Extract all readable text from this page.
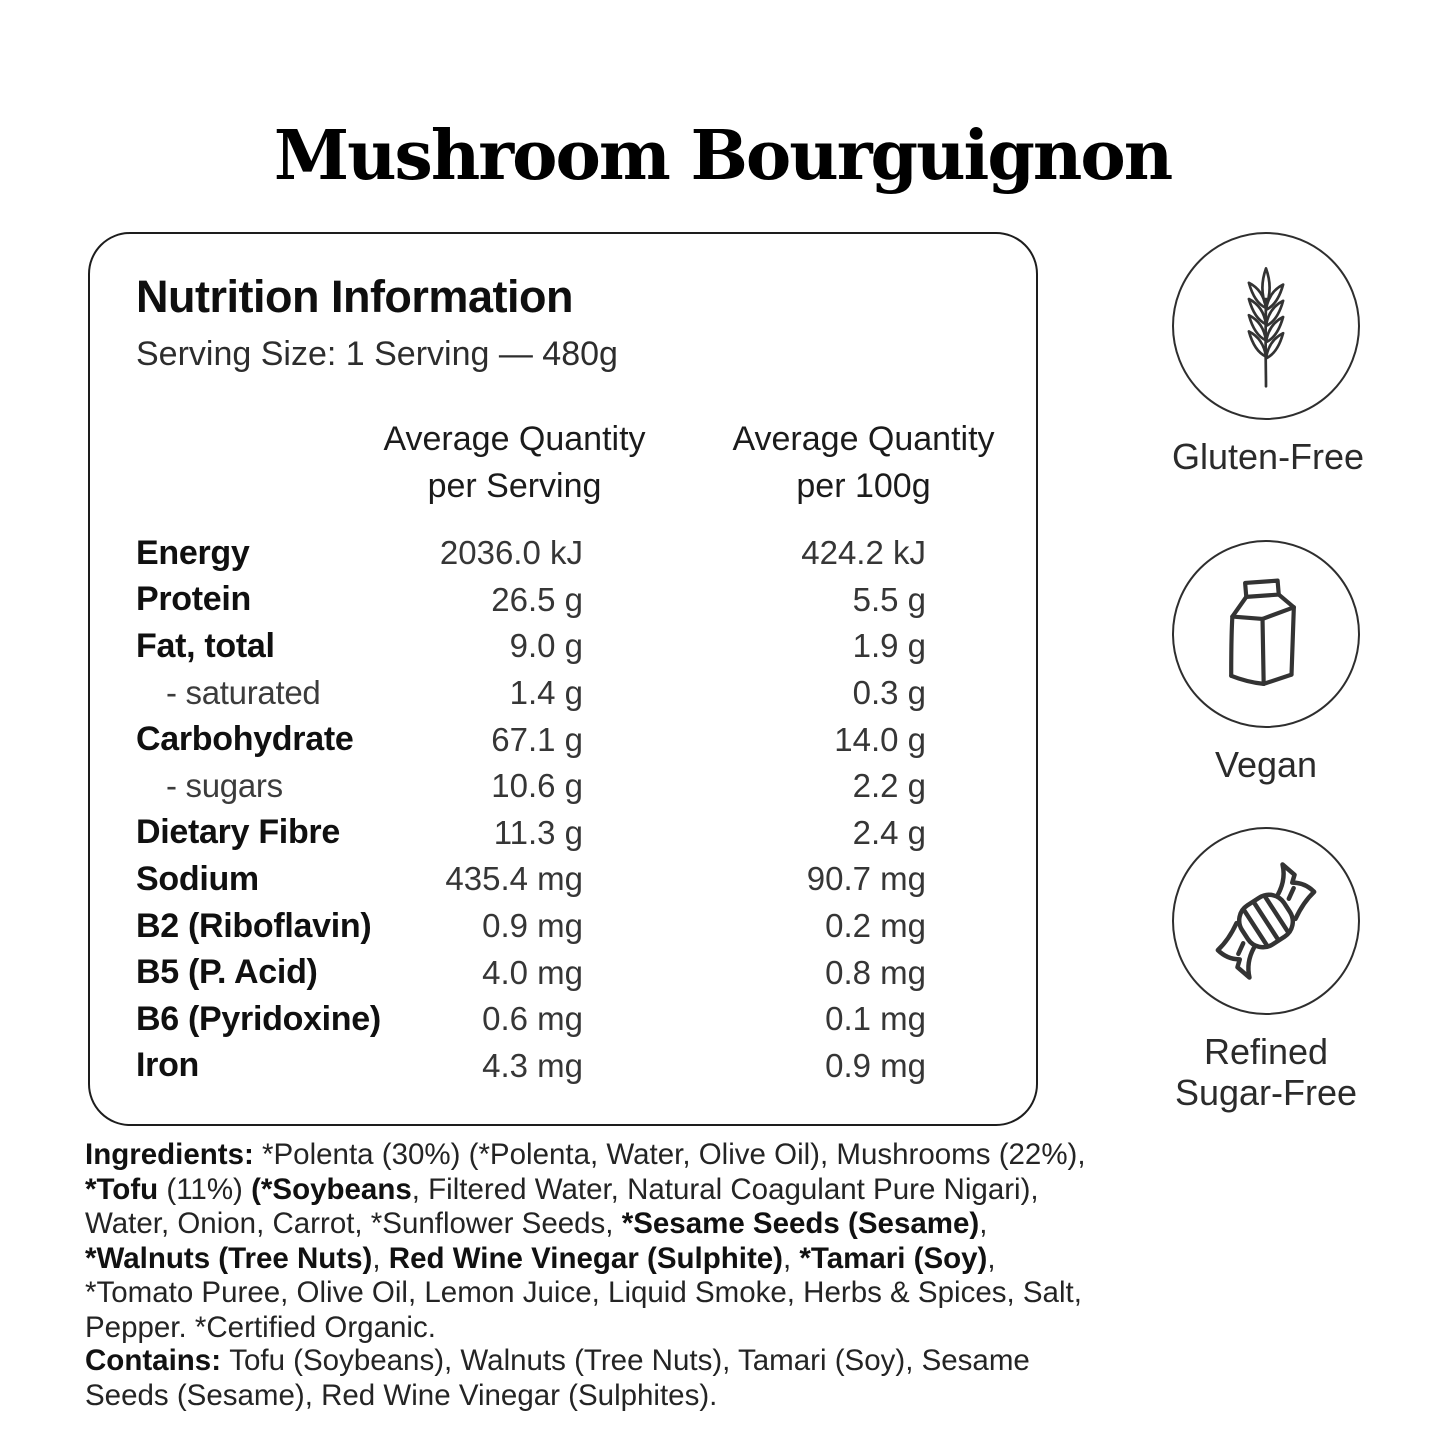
Mushroom Bourguignon
Nutrition Information
Serving Size: 1 Serving — 480g
Average Quantity
per Serving
Average Quantity
per 100g
Energy	2036.0 kJ	424.2 kJ
Protein	26.5 g	5.5 g
Fat, total	9.0 g	1.9 g
- saturated	1.4 g	0.3 g
Carbohydrate	67.1 g	14.0 g
- sugars	10.6 g	2.2 g
Dietary Fibre	11.3 g	2.4 g
Sodium	435.4 mg	90.7 mg
B2 (Riboflavin)	0.9 mg	0.2 mg
B5 (P. Acid)	4.0 mg	0.8 mg
B6 (Pyridoxine)	0.6 mg	0.1 mg
Iron	4.3 mg	0.9 mg
Gluten-Free
Vegan
Refined
Sugar-Free

Ingredients: *Polenta (30%) (*Polenta, Water, Olive Oil), Mushrooms (22%), *Tofu (11%) (*Soybeans, Filtered Water, Natural Coagulant Pure Nigari), Water, Onion, Carrot, *Sunflower Seeds, *Sesame Seeds (Sesame), *Walnuts (Tree Nuts), Red Wine Vinegar (Sulphite), *Tamari (Soy), *Tomato Puree, Olive Oil, Lemon Juice, Liquid Smoke, Herbs & Spices, Salt, Pepper. *Certified Organic.

Contains: Tofu (Soybeans), Walnuts (Tree Nuts), Tamari (Soy), Sesame Seeds (Sesame), Red Wine Vinegar (Sulphites).
